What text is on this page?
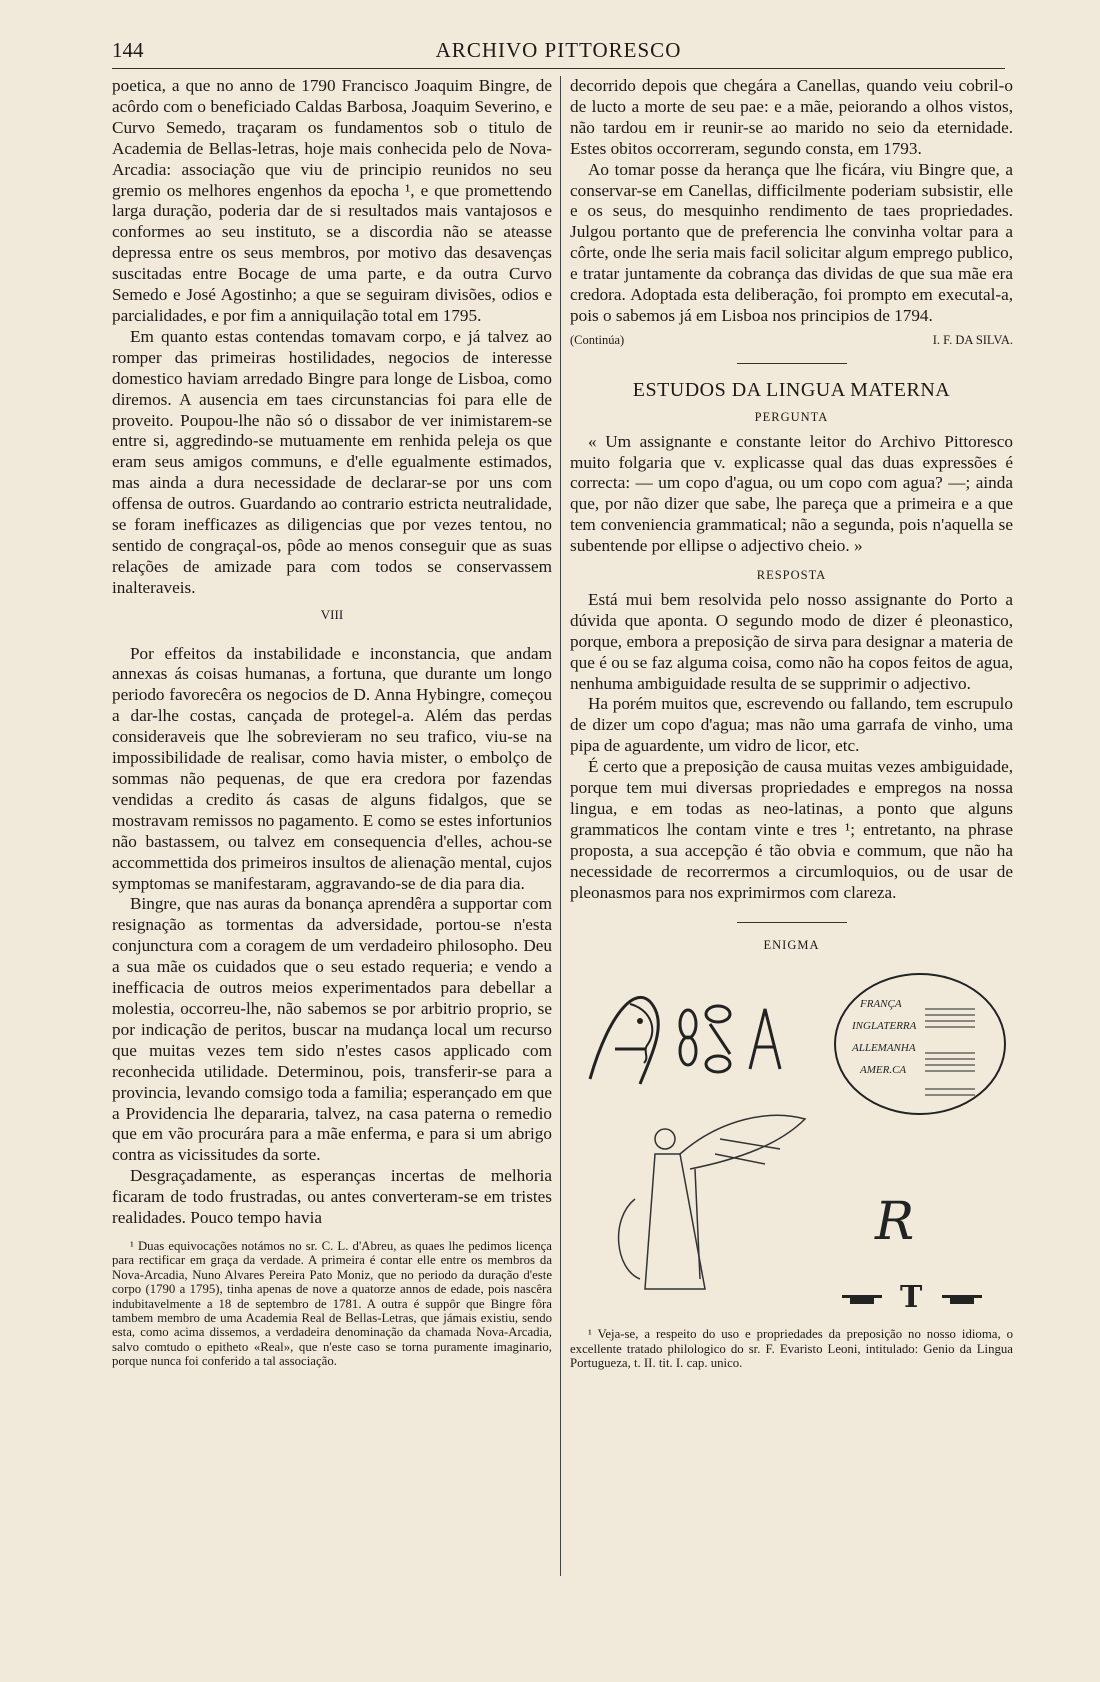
144	ARCHIVO PITTORESCO

poetica, a que no anno de 1790 Francisco Joaquim Bingre, de acôrdo com o beneficiado Caldas Barbosa, Joaquim Severino, e Curvo Semedo, traçaram os fundamentos sob o titulo de Academia de Bellas-letras, hoje mais conhecida pelo de Nova-Arcadia: associação que viu de principio reunidos no seu gremio os melhores engenhos da epocha ¹, e que promettendo larga duração, poderia dar de si resultados mais vantajosos e conformes ao seu instituto, se a discordia não se ateasse depressa entre os seus membros, por motivo das desavenças suscitadas entre Bocage de uma parte, e da outra Curvo Semedo e José Agostinho; a que se seguiram divisões, odios e parcialidades, e por fim a anniquilação total em 1795.

Em quanto estas contendas tomavam corpo, e já talvez ao romper das primeiras hostilidades, negocios de interesse domestico haviam arredado Bingre para longe de Lisboa, como diremos. A ausencia em taes circunstancias foi para elle de proveito. Poupou-lhe não só o dissabor de ver inimistarem-se entre si, aggredindo-se mutuamente em renhida peleja os que eram seus amigos communs, e d'elle egualmente estimados, mas ainda a dura necessidade de declarar-se por uns com offensa de outros. Guardando ao contrario estricta neutralidade, se foram inefficazes as diligencias que por vezes tentou, no sentido de congraçal-os, pôde ao menos conseguir que as suas relações de amizade para com todos se conservassem inalteraveis.

VIII

Por effeitos da instabilidade e inconstancia, que andam annexas ás coisas humanas, a fortuna, que durante um longo periodo favorecêra os negocios de D. Anna Hybingre, começou a dar-lhe costas, cançada de protegel-a. Além das perdas consideraveis que lhe sobrevieram no seu trafico, viu-se na impossibilidade de realisar, como havia mister, o embolço de sommas não pequenas, de que era credora por fazendas vendidas a credito ás casas de alguns fidalgos, que se mostravam remissos no pagamento. E como se estes infortunios não bastassem, ou talvez em consequencia d'elles, achou-se accommettida dos primeiros insultos de alienação mental, cujos symptomas se manifestaram, aggravando-se de dia para dia.

Bingre, que nas auras da bonança aprendêra a supportar com resignação as tormentas da adversidade, portou-se n'esta conjunctura com a coragem de um verdadeiro philosopho. Deu a sua mãe os cuidados que o seu estado requeria; e vendo a inefficacia de outros meios experimentados para debellar a molestia, occorreu-lhe, não sabemos se por arbitrio proprio, se por indicação de peritos, buscar na mudança local um recurso que muitas vezes tem sido n'estes casos applicado com reconhecida utilidade. Determinou, pois, transferir-se para a provincia, levando comsigo toda a familia; esperançado em que a Providencia lhe depararia, talvez, na casa paterna o remedio que em vão procurára para a mãe enferma, e para si um abrigo contra as vicissitudes da sorte.

Desgraçadamente, as esperanças incertas de melhoria ficaram de todo frustradas, ou antes converteram-se em tristes realidades. Pouco tempo havia

¹ Duas equivocações notámos no sr. C. L. d'Abreu, as quaes lhe pedimos licença para rectificar em graça da verdade. A primeira é contar elle entre os membros da Nova-Arcadia, Nuno Alvares Pereira Pato Moniz, que no periodo da duração d'este corpo (1790 a 1795), tinha apenas de nove a quatorze annos de edade, pois nascêra indubitavelmente a 18 de septembro de 1781. A outra é suppôr que Bingre fôra tambem membro de uma Academia Real de Bellas-Letras, que jámais existiu, sendo esta, como acima dissemos, a verdadeira denominação da chamada Nova-Arcadia, salvo comtudo o epitheto «Real», que n'este caso se torna puramente imaginario, porque nunca foi conferido a tal associação.

decorrido depois que chegára a Canellas, quando veiu cobril-o de lucto a morte de seu pae: e a mãe, peiorando a olhos vistos, não tardou em ir reunir-se ao marido no seio da eternidade. Estes obitos occorreram, segundo consta, em 1793.

Ao tomar posse da herança que lhe ficára, viu Bingre que, a conservar-se em Canellas, difficilmente poderiam subsistir, elle e os seus, do mesquinho rendimento de taes propriedades. Julgou portanto que de preferencia lhe convinha voltar para a côrte, onde lhe seria mais facil solicitar algum emprego publico, e tratar juntamente da cobrança das dividas de que sua mãe era credora. Adoptada esta deliberação, foi prompto em executal-a, pois o sabemos já em Lisboa nos principios de 1794.

(Continúa)	I. F. DA SILVA.
ESTUDOS DA LINGUA MATERNA
PERGUNTA

« Um assignante e constante leitor do Archivo Pittoresco muito folgaria que v. explicasse qual das duas expressões é correcta: — um copo d'agua, ou um copo com agua? —; ainda que, por não dizer que sabe, lhe pareça que a primeira e a que tem conveniencia grammatical; não a segunda, pois n'aquella se subentende por ellipse o adjectivo cheio. »

RESPOSTA

Está mui bem resolvida pelo nosso assignante do Porto a dúvida que aponta. O segundo modo de dizer é pleonastico, porque, embora a preposição de sirva para designar a materia de que é ou se faz alguma coisa, como não ha copos feitos de agua, nenhuma ambiguidade resulta de se supprimir o adjectivo.

Ha porém muitos que, escrevendo ou fallando, tem escrupulo de dizer um copo d'agua; mas não uma garrafa de vinho, uma pipa de aguardente, um vidro de licor, etc.

É certo que a preposição de causa muitas vezes ambiguidade, porque tem mui diversas propriedades e empregos na nossa lingua, e em todas as neo-latinas, a ponto que alguns grammaticos lhe contam vinte e tres ¹; entretanto, na phrase proposta, a sua accepção é tão obvia e commum, que não ha necessidade de recorrermos a circumloquios, ou de usar de pleonasmos para nos exprimirmos com clareza.

ENIGMA
FRANÇA
INGLATERRA
ALLEMANHA
AMER.CA
R
T

¹ Veja-se, a respeito do uso e propriedades da preposição no nosso idioma, o excellente tratado philologico do sr. F. Evaristo Leoni, intitulado: Genio da Lingua Portugueza, t. II. tit. I. cap. unico.
